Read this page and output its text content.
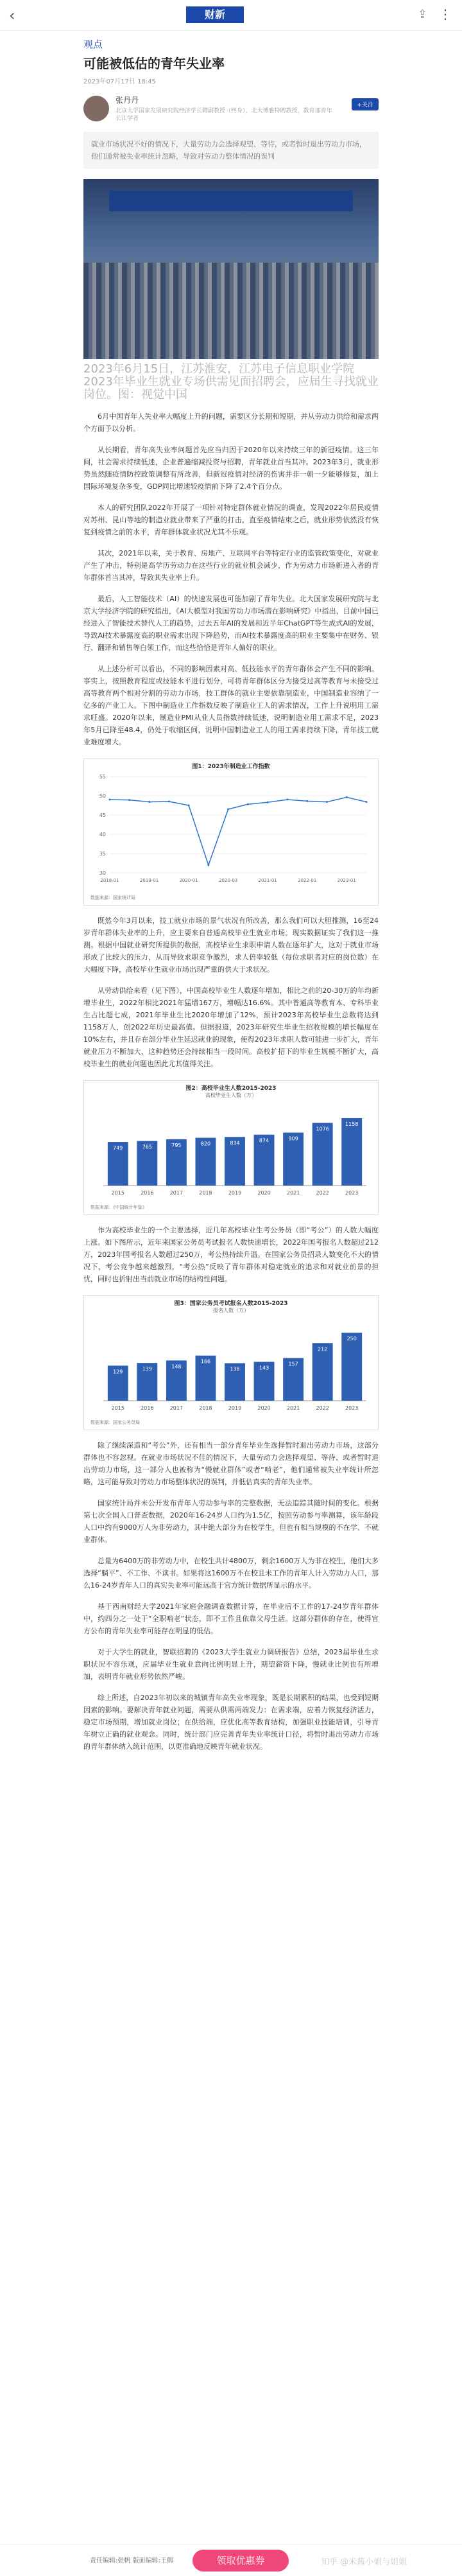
‹	财新	⇪ ⋮
观点
可能被低估的青年失业率
2023年07月17日 18:45
张丹丹
北京大学国家发展研究院经济学长聘副教授（终身），北大博雅特聘教授，教育部青年长江学者
+关注
就业市场状况不好的情况下，大量劳动力会选择观望、等待，或者暂时退出劳动力市场，他们通常被失业率统计忽略，导致对劳动力整体情况的误判
2023年6月15日，江苏淮安，江苏电子信息职业学院2023年毕业生就业专场供需见面招聘会，应届生寻找就业岗位。图：视觉中国

6月中国青年人失业率大幅度上升的问题，需要区分长期和短期，并从劳动力供给和需求两个方面予以分析。

从长期看，青年高失业率问题首先应当归因于2020年以来持续三年的新冠疫情。这三年间，社会需求持续低迷，企业普遍缩减投资与招聘，青年就业首当其冲。2023年3月，就业形势虽然随疫情防控政策调整有所改善，但新冠疫情对经济的伤害并非一朝一夕能够修复，加上国际环境复杂多变，GDP同比增速较疫情前下降了2.4个百分点。

本人的研究团队2022年开展了一项针对特定群体就业情况的调查，发现2022年居民疫情对苏州、昆山等地的制造业就业带来了严重的打击，直至疫情结束之后，就业形势依然没有恢复到疫情之前的水平，青年群体就业状况尤其不乐观。

其次，2021年以来，关于教育、房地产、互联网平台等特定行业的监管政策变化，对就业产生了冲击，特别是高学历劳动力在这些行业的就业机会减少，作为劳动力市场新进入者的青年群体首当其冲，导致其失业率上升。

最后，人工智能技术（AI）的快速发展也可能加剧了青年失业。北大国家发展研究院与北京大学经济学院的研究指出，《AI大模型对我国劳动力市场潜在影响研究》中指出，目前中国已经进入了智能技术替代人工的趋势，过去五年AI的发展和近半年ChatGPT等生成式AI的发展，导致AI技术暴露度高的职业需求出现下降趋势，而AI技术暴露度高的职业主要集中在财务、银行、翻译和销售等白领工作，而这些恰恰是青年人偏好的职业。

从上述分析可以看出，不同的影响因素对高、低技能水平的青年群体会产生不同的影响。事实上，按照教育程度或技能水平进行划分，可将青年群体区分为接受过高等教育与未接受过高等教育两个相对分割的劳动力市场，技工群体的就业主要依靠制造业，中国制造业容纳了一亿多的产业工人。下图中制造业工作指数反映了制造业工人的需求情况，工作上升说明用工需求旺盛。2020年以来，制造业PMI从业人员指数持续低迷，说明制造业用工需求不足，2023年5月已降至48.4，仍处于收缩区间，说明中国制造业工人的用工需求持续下降，青年技工就业难度增大。

图1：2023年制造业工作指数
30
35
40
45
50
55
2018-01	2019-01	2020-01	2020-03	2021-01	2022-01	2023-01
数据来源：国家统计局

既然今年3月以来，技工就业市场的景气状况有所改善，那么我们可以大胆推测，16至24岁青年群体失业率的上升，应主要来自普通高校毕业生就业市场。现实数据证实了我们这一推测。根据中国就业研究所提供的数据，高校毕业生求职申请人数在逐年扩大，这对于就业市场形成了比较大的压力，从而导致求职竞争激烈，求人倍率较低（每位求职者对应的岗位数）在大幅度下降，高校毕业生就业市场出现严重的供大于求状况。

从劳动供给来看（见下图），中国高校毕业生人数逐年增加，相比之前的20-30万的年均新增毕业生，2022年相比2021年猛增167万，增幅达16.6%。其中普通高等教育本、专科毕业生占比超七成，2021年毕业生比2020年增加了12%，预计2023年高校毕业生总数将达到1158万人，创2022年历史最高值。但据报道，2023年研究生毕业生招收规模的增长幅度在10%左右，并且存在部分毕业生延迟就业的现象，使得2023年求职人数可能进一步扩大，青年就业压力不断加大，这种趋势还会持续相当一段时间。高校扩招下的毕业生规模不断扩大，高校毕业生的就业问题也因此尤其值得关注。

图2：高校毕业生人数2015-2023
高校毕业生人数（万）
749
2015
765
2016
795
2017
820
2018
834
2019
874
2020
909
2021
1076
2022
1158
2023
数据来源：《中国统计年鉴》

作为高校毕业生的一个主要选择，近几年高校毕业生考公务员（即“考公”）的人数大幅度上涨。如下图所示，近年来国家公务员考试报名人数快速增长，2022年国考报名人数超过212万，2023年国考报名人数超过250万，考公热持续升温。在国家公务员招录人数变化不大的情况下，考公竞争越来越激烈，“考公热”反映了青年群体对稳定就业的追求和对就业前景的担忧，同时也折射出当前就业市场的结构性问题。

图3：国家公务员考试报名人数2015-2023
报名人数（万）
129
2015
139
2016
148
2017
166
2018
138
2019
143
2020
157
2021
212
2022
250
2023
数据来源：国家公务员局

除了继续深造和“考公”外，还有相当一部分青年毕业生选择暂时退出劳动力市场，这部分群体也不容忽视。在就业市场状况不佳的情况下，大量劳动力会选择观望、等待、或者暂时退出劳动力市场，这一部分人也被称为“慢就业群体”或者“啃老”，他们通常被失业率统计所忽略，这可能导致对劳动力市场整体状况的误判，并低估真实的青年失业率。

国家统计局并未公开发布青年人劳动参与率的完整数据，无法追踪其随时间的变化。根据第七次全国人口普查数据，2020年16-24岁人口约为1.5亿，按照劳动参与率测算，该年龄段人口中约有9000万人为非劳动力，其中绝大部分为在校学生，但也有相当规模的不在学、不就业群体。

总量为6400万的非劳动力中，在校生共计4800万，剩余1600万人为非在校生，他们大多选择“躺平”、不工作、不读书。如果将这1600万不在校且未工作的青年人计入劳动力人口，那么16-24岁青年人口的真实失业率可能远高于官方统计数据所显示的水平。

基于西南财经大学2021年家庭金融调查数据计算，在毕业后不工作的17-24岁青年群体中，约四分之一处于“全职啃老”状态，即不工作且依靠父母生活。这部分群体的存在，使得官方公布的青年失业率可能存在明显的低估。

对于大学生的就业，智联招聘的《2023大学生就业力调研报告》总结，2023届毕业生求职状况不容乐观，应届毕业生就业意向比例明显上升，期望薪资下降，慢就业比例也有所增加，表明青年就业形势依然严峻。

综上所述，自2023年初以来的城镇青年高失业率现象，既是长期累积的结果，也受到短期因素的影响。要解决青年就业问题，需要从供需两端发力：在需求端，应着力恢复经济活力，稳定市场预期，增加就业岗位；在供给端，应优化高等教育结构，加强职业技能培训，引导青年树立正确的就业观念。同时，统计部门应完善青年失业率统计口径，将暂时退出劳动力市场的青年群体纳入统计范围，以更准确地反映青年就业状况。

责任编辑:张帆 版面编辑:王鹤	领取优惠券	知乎 @米酱小姐与姐姐
